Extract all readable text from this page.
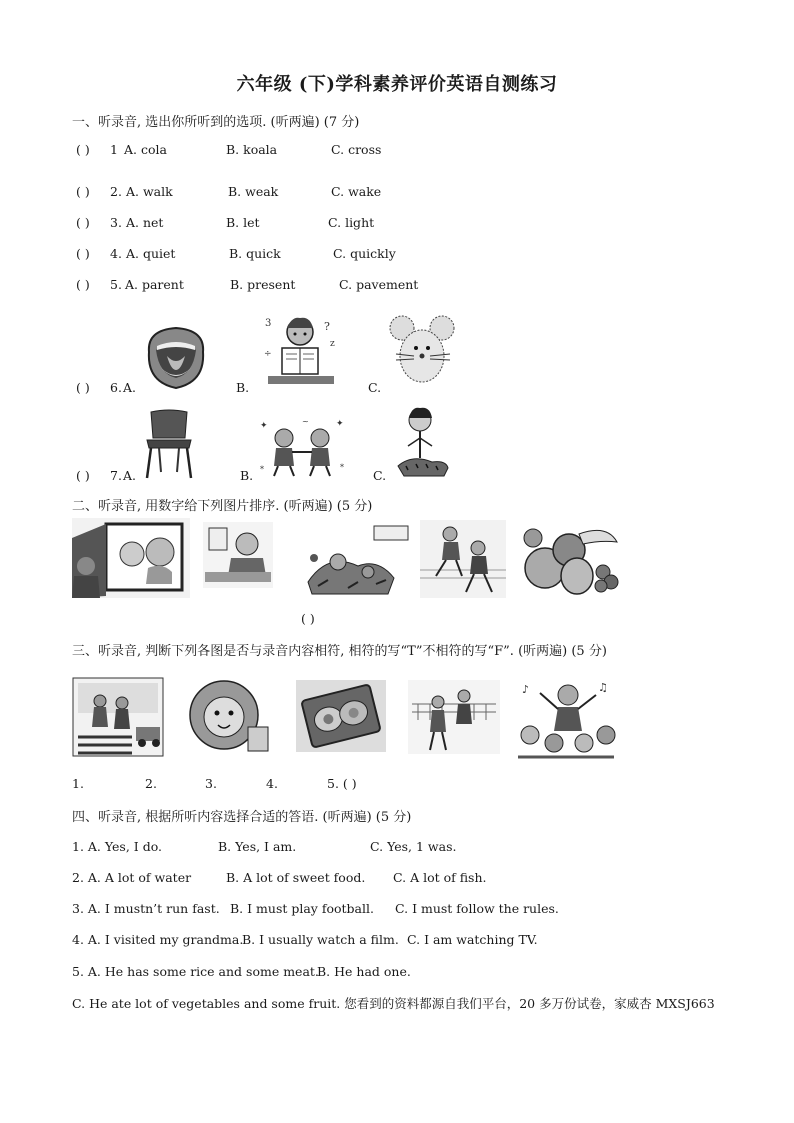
六年级 (下)学科素养评价英语自测练习
一、听录音, 选出你所听到的选项. (听两遍) (7 分)
( ) 1 A. cola	B. koala	C. cross
( ) 2. A. walk	B. weak	C. wake
( ) 3. A. net	B. let	C. light
( ) 4. A. quiet	B. quick	C. quickly
( ) 5. A. parent	B. present	C. pavement
( ) 6. A.	B.	C.
3	?
z
÷
( ) 7. A.	B.	C.
✦	✦
~
*	*
二、听录音, 用数字给下列图片排序. (听两遍) (5 分)
( )
三、听录音, 判断下列各图是否与录音内容相符, 相符的写“T”不相符的写“F”. (听两遍) (5 分)
♪	♫
1.	2.	3.	4.	5. ( )
四、听录音, 根据所听内容选择合适的答语. (听两遍) (5 分)
1. A. Yes, I do.	B. Yes, I am.	C. Yes, 1 was.
2. A. A lot of water	B. A lot of sweet food. C. A lot of fish.
3. A. I mustn’t run fast. B. I must play football. C. I must follow the rules.
4. A. I visited my grandma.
B. I usually watch a film. C. I am watching TV.
5. A. He has some rice and some meat.
B. He had one.
C. He ate lot of vegetables and some fruit. 您看到的资料都源自我们平台，20 多万份试卷，家威杏 MXSJ663
